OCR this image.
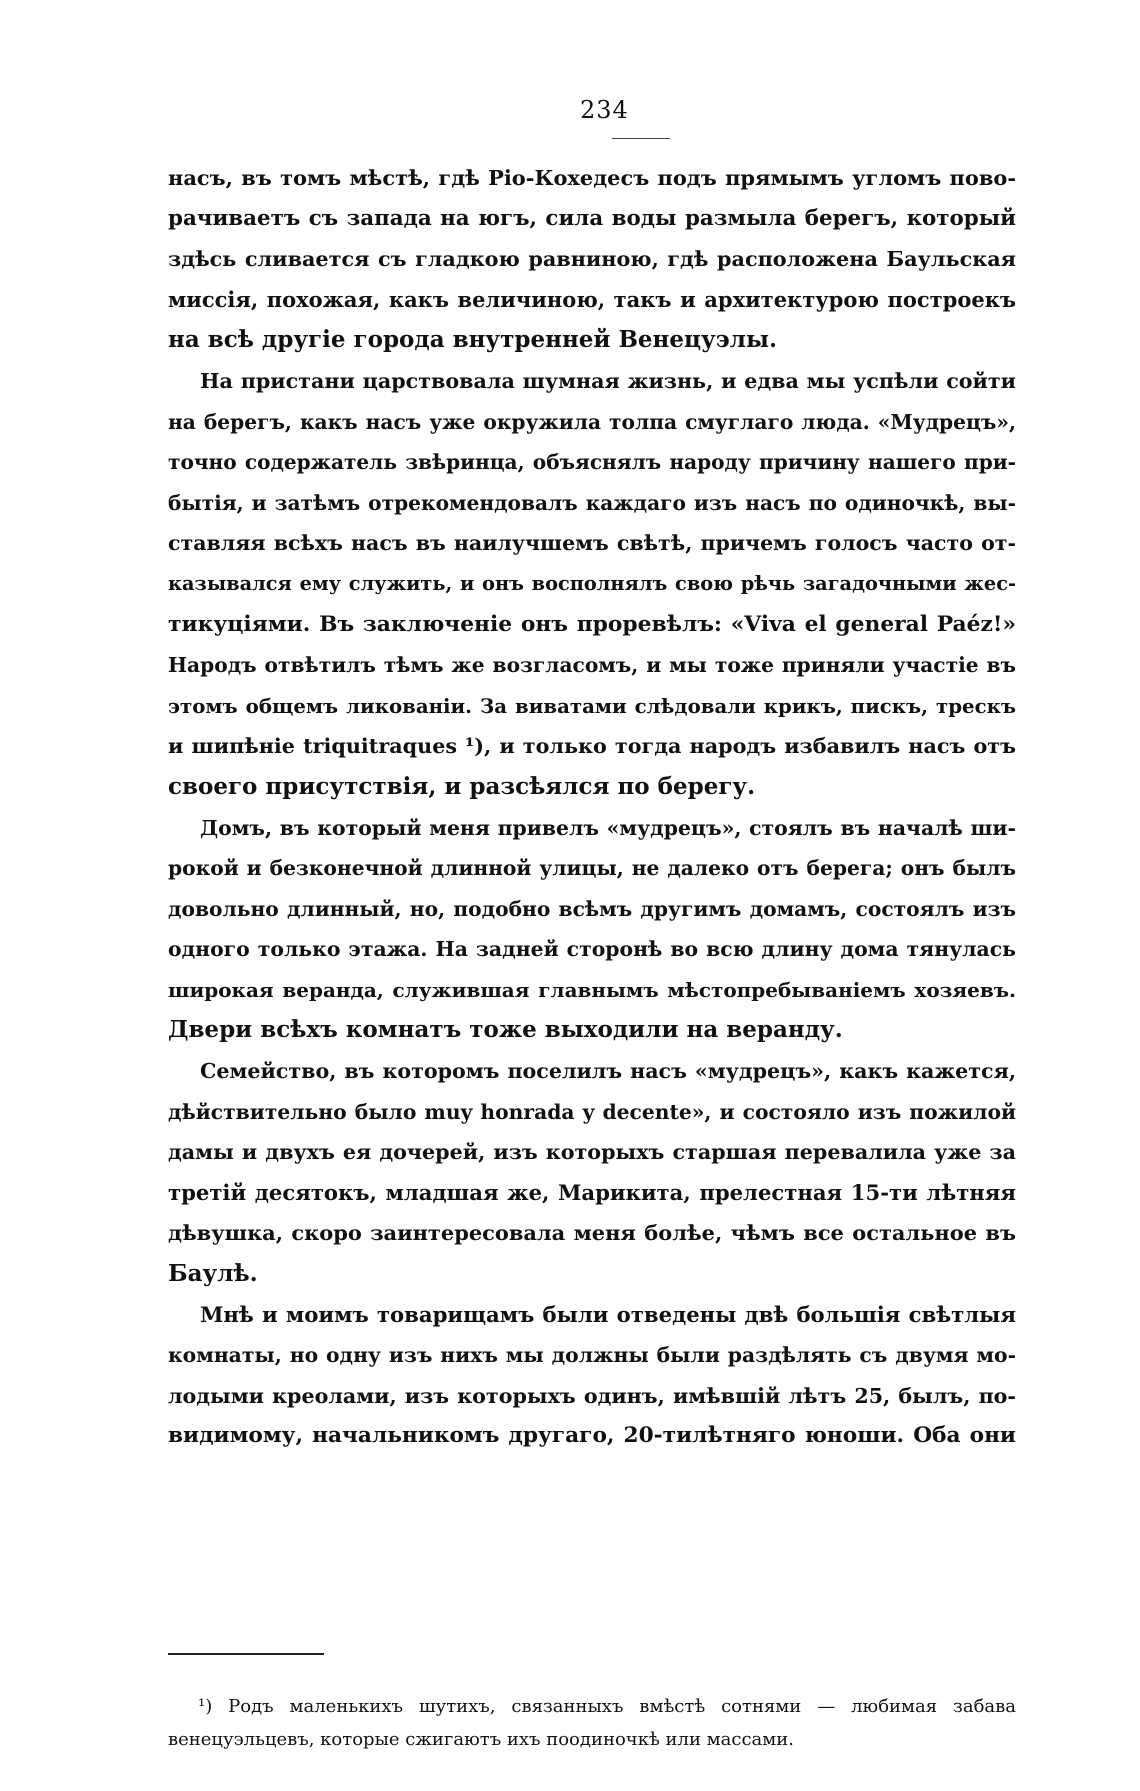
234
насъ, въ томъ мѣстѣ, гдѣ Ріо-Кохедесъ подъ прямымъ угломъ пово-
рачиваетъ съ запада на югъ, сила воды размыла берегъ, который
здѣсь сливается съ гладкою равниною, гдѣ расположена Баульская
миссія, похожая, какъ величиною, такъ и архитектурою построекъ
на всѣ другіе города внутренней Венецуэлы.
На пристани царствовала шумная жизнь, и едва мы успѣли сойти
на берегъ, какъ насъ уже окружила толпа смуглаго люда. «Мудрецъ»,
точно содержатель звѣринца, объяснялъ народу причину нашего при-
бытія, и затѣмъ отрекомендовалъ каждаго изъ насъ по одиночкѣ, вы-
ставляя всѣхъ насъ въ наилучшемъ свѣтѣ, причемъ голосъ часто от-
казывался ему служить, и онъ восполнялъ свою рѣчь загадочными жес-
тикуціями. Въ заключеніе онъ проревѣлъ: «Viva el general Paéz!»
Народъ отвѣтилъ тѣмъ же возгласомъ, и мы тоже приняли участіе въ
этомъ общемъ ликованіи. За виватами слѣдовали крикъ, пискъ, трескъ
и шипѣніе triquitraques ¹), и только тогда народъ избавилъ насъ отъ
своего присутствія, и разсѣялся по берегу.
Домъ, въ который меня привелъ «мудрецъ», стоялъ въ началѣ ши-
рокой и безконечной длинной улицы, не далеко отъ берега; онъ былъ
довольно длинный, но, подобно всѣмъ другимъ домамъ, состоялъ изъ
одного только этажа. На задней сторонѣ во всю длину дома тянулась
широкая веранда, служившая главнымъ мѣстопребываніемъ хозяевъ.
Двери всѣхъ комнатъ тоже выходили на веранду.
Семейство, въ которомъ поселилъ насъ «мудрецъ», какъ кажется,
дѣйствительно было muy honrada y decente», и состояло изъ пожилой
дамы и двухъ ея дочерей, изъ которыхъ старшая перевалила уже за
третій десятокъ, младшая же, Марикита, прелестная 15-ти лѣтняя
дѣвушка, скоро заинтересовала меня болѣе, чѣмъ все остальное въ
Баулѣ.
Мнѣ и моимъ товарищамъ были отведены двѣ большія свѣтлыя
комнаты, но одну изъ нихъ мы должны были раздѣлять съ двумя мо-
лодыми креолами, изъ которыхъ одинъ, имѣвшій лѣтъ 25, былъ, по-
видимому, начальникомъ другаго, 20-тилѣтняго юноши. Оба они
¹) Родъ маленькихъ шутихъ, связанныхъ вмѣстѣ сотнями — любимая забава
венецуэльцевъ, которые сжигаютъ ихъ поодиночкѣ или массами.
